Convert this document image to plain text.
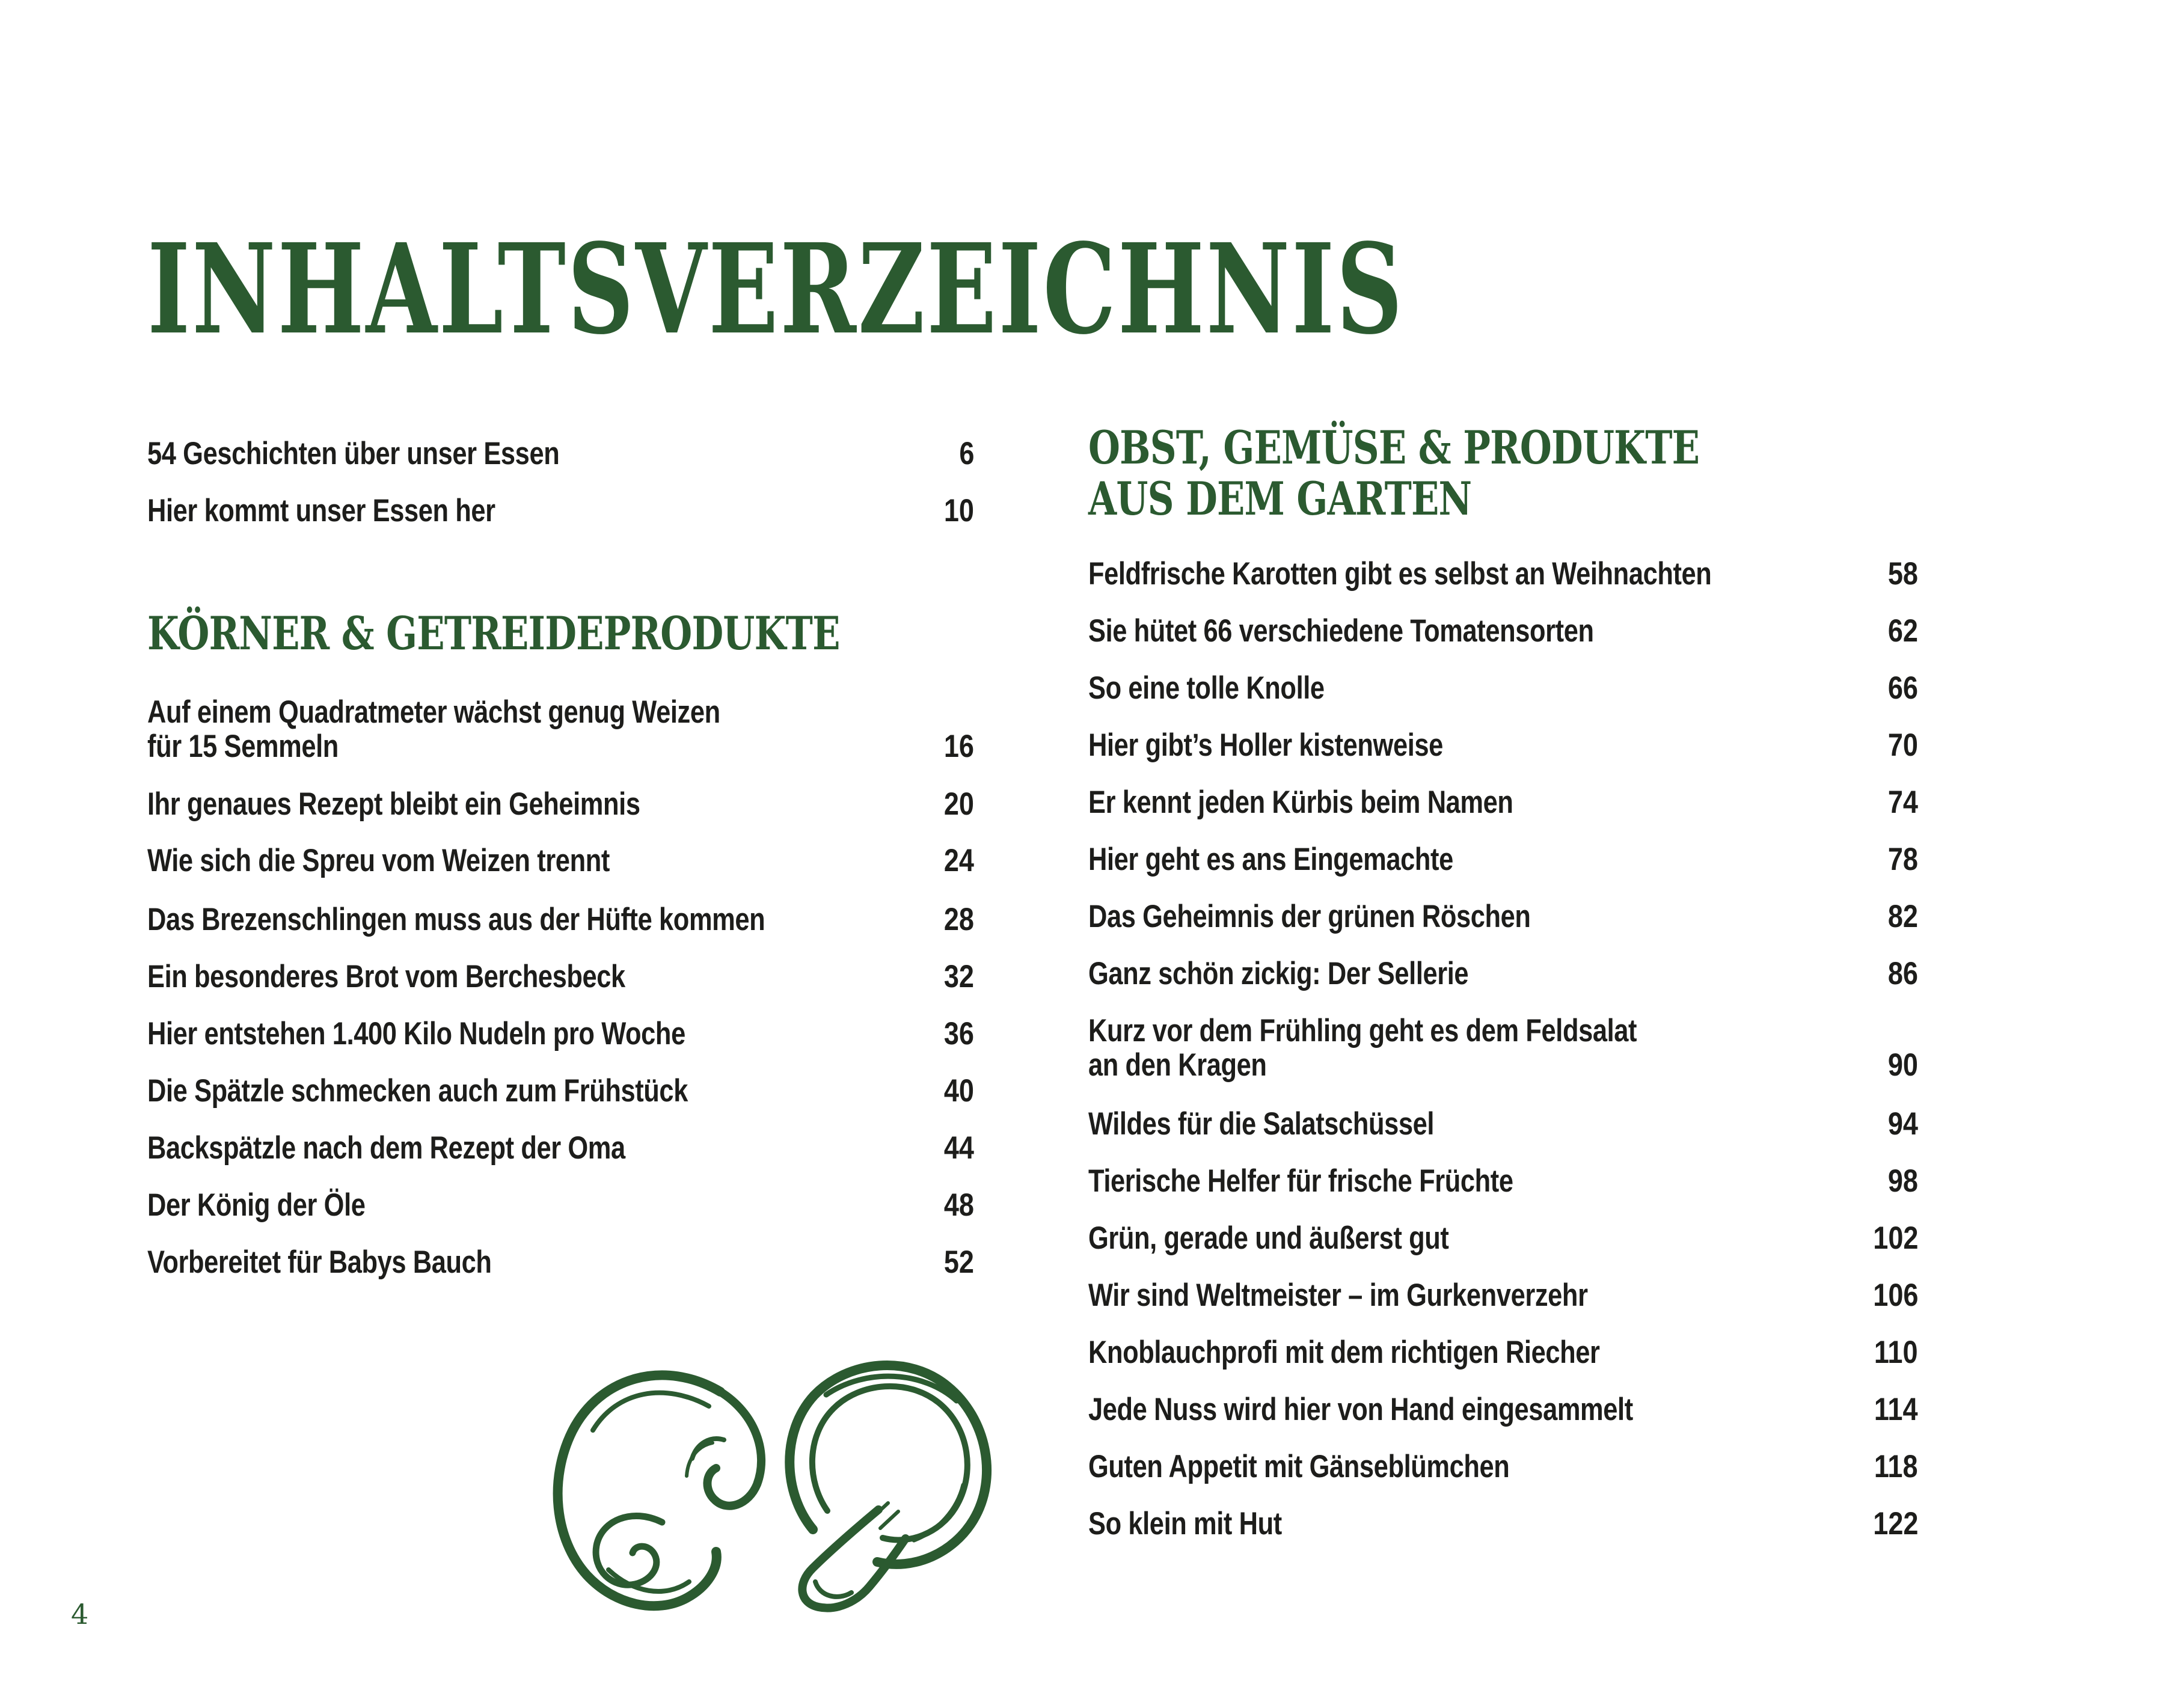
INHALTSVERZEICHNIS
54 Geschichten über unser Essen	6
Hier kommt unser Essen her	10
KÖRNER & GETREIDEPRODUKTE
Auf einem Quadratmeter wächst genug Weizen
für 15 Semmeln	16
Ihr genaues Rezept bleibt ein Geheimnis	20
Wie sich die Spreu vom Weizen trennt	24
Das Brezenschlingen muss aus der Hüfte kommen	28
Ein besonderes Brot vom Berchesbeck	32
Hier entstehen 1.400 Kilo Nudeln pro Woche	36
Die Spätzle schmecken auch zum Frühstück	40
Backspätzle nach dem Rezept der Oma	44
Der König der Öle	48
Vorbereitet für Babys Bauch	52
OBST, GEMÜSE & PRODUKTE
AUS DEM GARTEN
Feldfrische Karotten gibt es selbst an Weihnachten	58
Sie hütet 66 verschiedene Tomatensorten	62
So eine tolle Knolle	66
Hier gibt’s Holler kistenweise	70
Er kennt jeden Kürbis beim Namen	74
Hier geht es ans Eingemachte	78
Das Geheimnis der grünen Röschen	82
Ganz schön zickig: Der Sellerie	86
Kurz vor dem Frühling geht es dem Feldsalat
an den Kragen	90
Wildes für die Salatschüssel	94
Tierische Helfer für frische Früchte	98
Grün, gerade und äußerst gut	102
Wir sind Weltmeister – im Gurkenverzehr	106
Knoblauchprofi mit dem richtigen Riecher	110
Jede Nuss wird hier von Hand eingesammelt	114
Guten Appetit mit Gänseblümchen	118
So klein mit Hut	122
4
